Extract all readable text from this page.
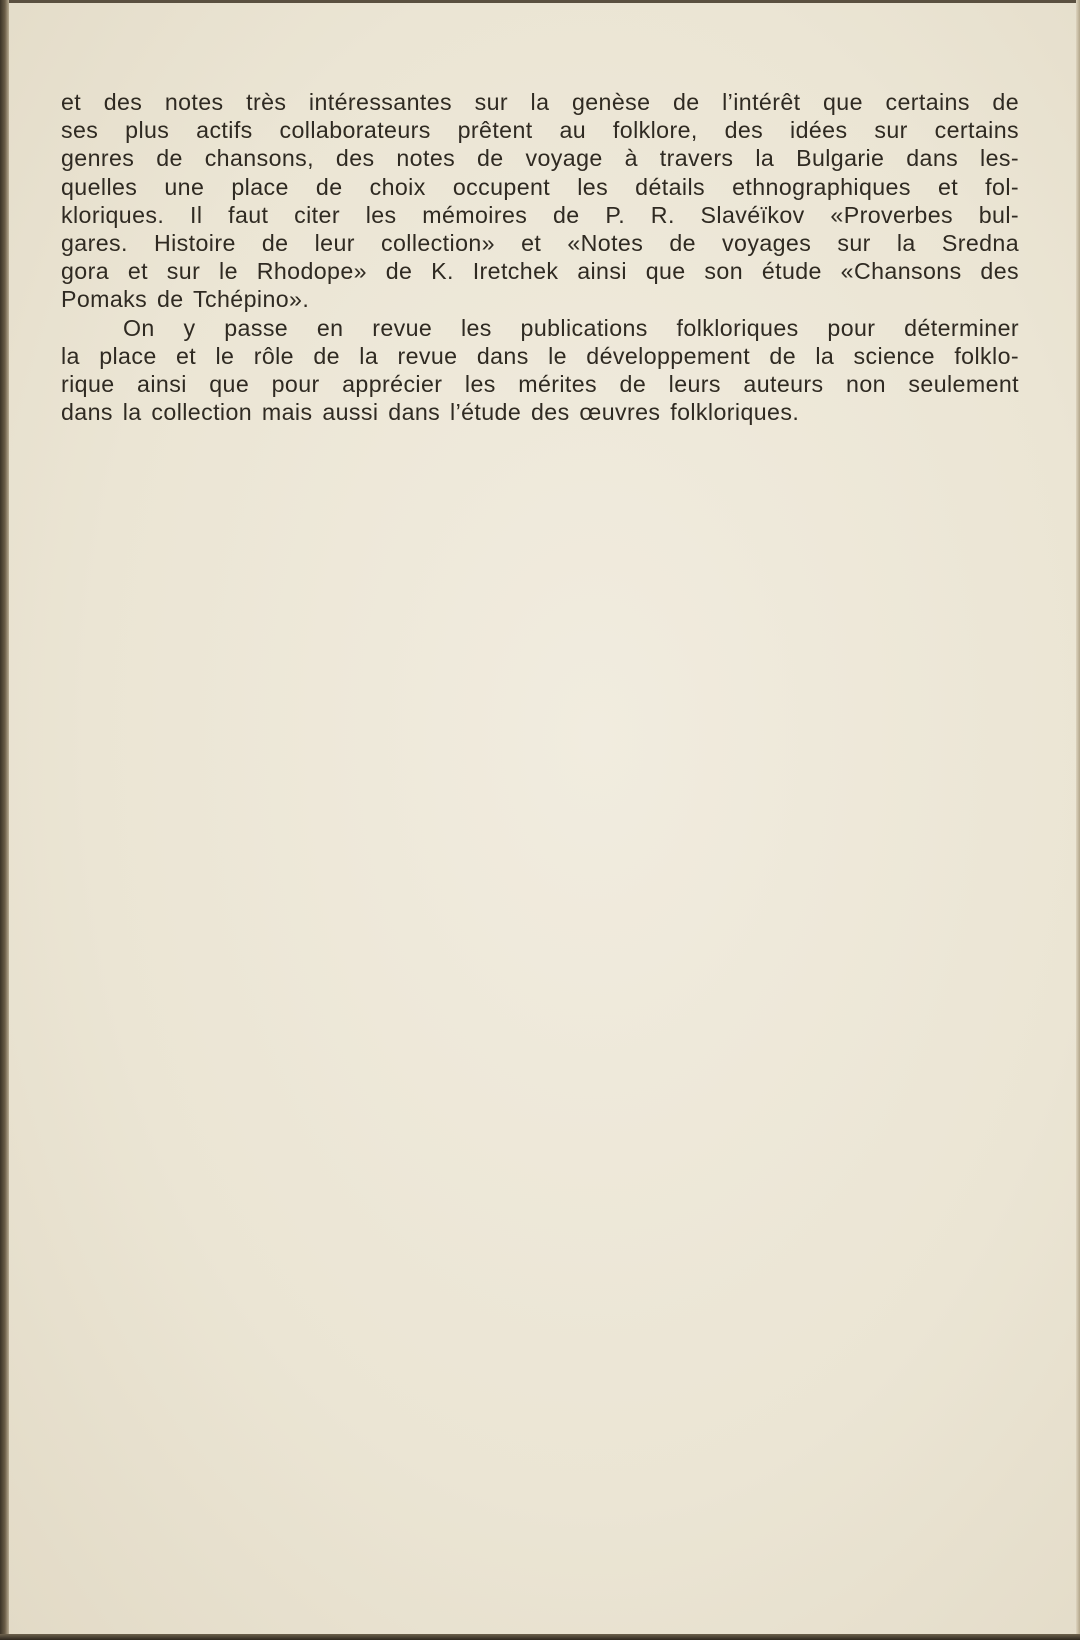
et des notes très intéressantes sur la genèse de l’intérêt que certains de
ses plus actifs collaborateurs prêtent au folklore, des idées sur certains
genres de chansons, des notes de voyage à travers la Bulgarie dans les-
quelles une place de choix occupent les détails ethnographiques et fol-
kloriques. Il faut citer les mémoires de P. R. Slavéïkov «Proverbes bul-
gares. Histoire de leur collection» et «Notes de voyages sur la Sredna
gora et sur le Rhodope» de K. Iretchek ainsi que son étude «Chansons des
Pomaks de Tchépino».
On y passe en revue les publications folkloriques pour déterminer
la place et le rôle de la revue dans le développement de la science folklo-
rique ainsi que pour apprécier les mérites de leurs auteurs non seulement
dans la collection mais aussi dans l’étude des œuvres folkloriques.
